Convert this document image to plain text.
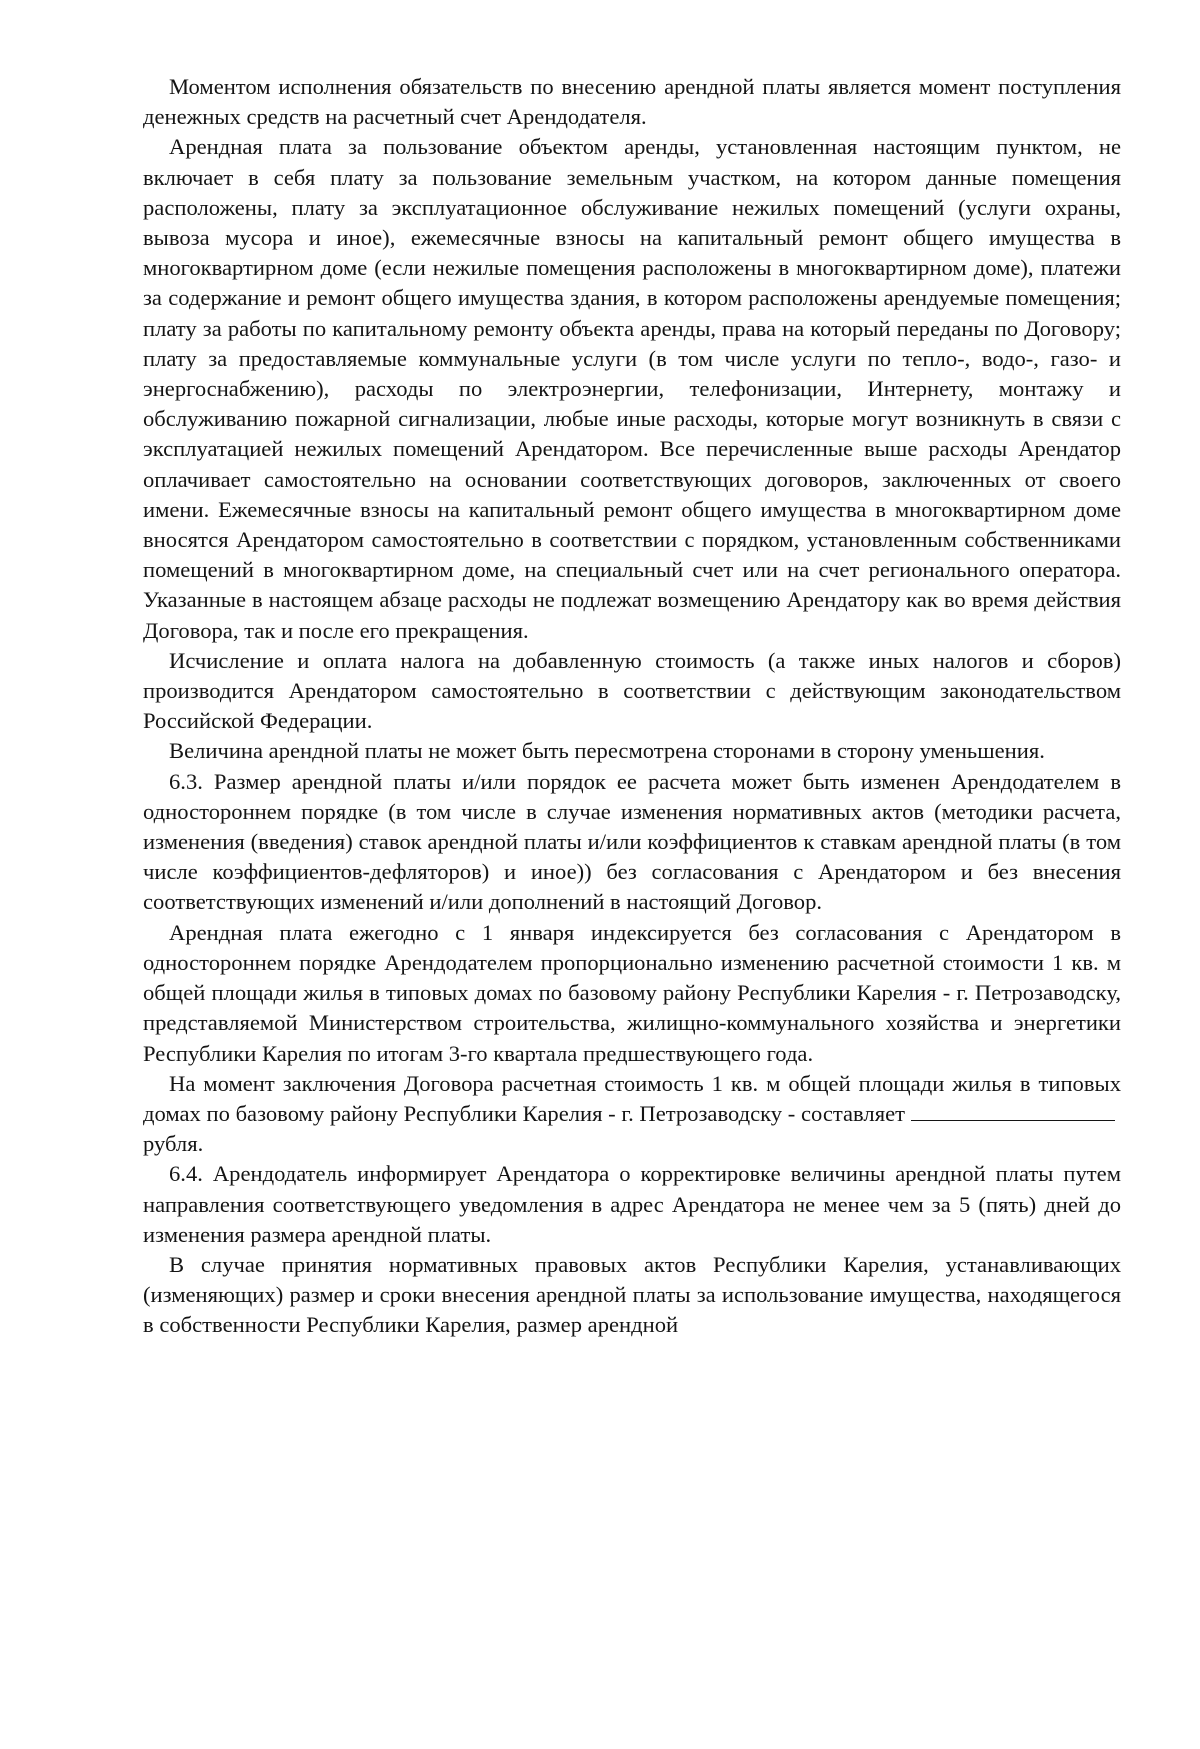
Моментом исполнения обязательств по внесению арендной платы является момент поступления денежных средств на расчетный счет Арендодателя.

Арендная плата за пользование объектом аренды, установленная настоящим пунктом, не включает в себя плату за пользование земельным участком, на котором данные помещения расположены, плату за эксплуатационное обслуживание нежилых помещений (услуги охраны, вывоза мусора и иное), ежемесячные взносы на капитальный ремонт общего имущества в многоквартирном доме (если нежилые помещения расположены в многоквартирном доме), платежи за содержание и ремонт общего имущества здания, в котором расположены арендуемые помещения; плату за работы по капитальному ремонту объекта аренды, права на который переданы по Договору; плату за предоставляемые коммунальные услуги (в том числе услуги по тепло-, водо-, газо- и энергоснабжению), расходы по электроэнергии, телефонизации, Интернету, монтажу и обслуживанию пожарной сигнализации, любые иные расходы, которые могут возникнуть в связи с эксплуатацией нежилых помещений Арендатором. Все перечисленные выше расходы Арендатор оплачивает самостоятельно на основании соответствующих договоров, заключенных от своего имени. Ежемесячные взносы на капитальный ремонт общего имущества в многоквартирном доме вносятся Арендатором самостоятельно в соответствии с порядком, установленным собственниками помещений в многоквартирном доме, на специальный счет или на счет регионального оператора. Указанные в настоящем абзаце расходы не подлежат возмещению Арендатору как во время действия Договора, так и после его прекращения.

Исчисление и оплата налога на добавленную стоимость (а также иных налогов и сборов) производится Арендатором самостоятельно в соответствии с действующим законодательством Российской Федерации.

Величина арендной платы не может быть пересмотрена сторонами в сторону уменьшения.

6.3. Размер арендной платы и/или порядок ее расчета может быть изменен Арендодателем в одностороннем порядке (в том числе в случае изменения нормативных актов (методики расчета, изменения (введения) ставок арендной платы и/или коэффициентов к ставкам арендной платы (в том числе коэффициентов-дефляторов) и иное)) без согласования с Арендатором и без внесения соответствующих изменений и/или дополнений в настоящий Договор.

Арендная плата ежегодно с 1 января индексируется без согласования с Арендатором в одностороннем порядке Арендодателем пропорционально изменению расчетной стоимости 1 кв. м общей площади жилья в типовых домах по базовому району Республики Карелия - г. Петрозаводску, представляемой Министерством строительства, жилищно-коммунального хозяйства и энергетики Республики Карелия по итогам 3-го квартала предшествующего года.

На момент заключения Договора расчетная стоимость 1 кв. м общей площади жилья в типовых домах по базовому району Республики Карелия - г. Петрозаводску - составляетрубля.

6.4. Арендодатель информирует Арендатора о корректировке величины арендной платы путем направления соответствующего уведомления в адрес Арендатора не менее чем за 5 (пять) дней до изменения размера арендной платы.

В случае принятия нормативных правовых актов Республики Карелия, устанавливающих (изменяющих) размер и сроки внесения арендной платы за использование имущества, находящегося в собственности Республики Карелия, размер арендной
